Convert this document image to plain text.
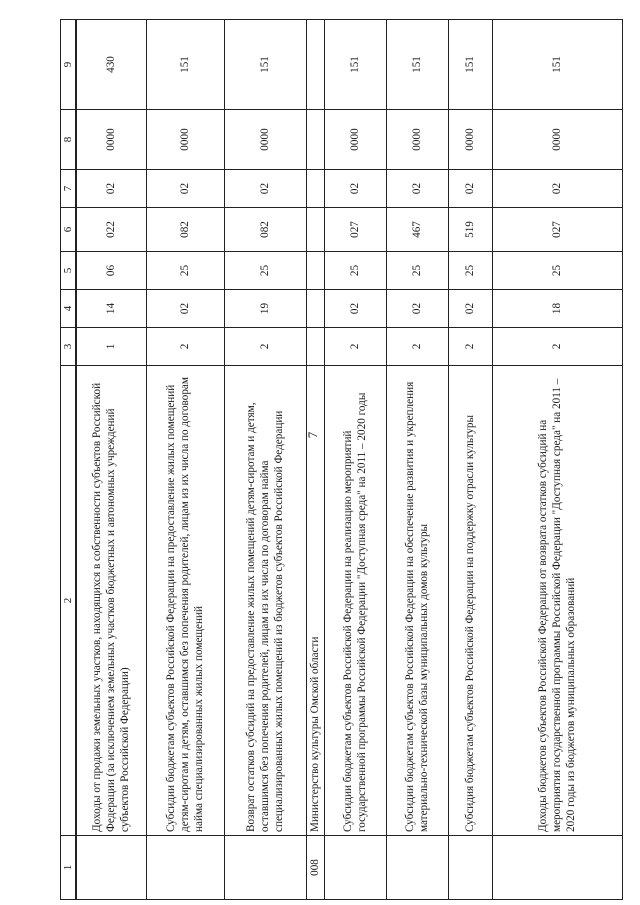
7
1	2	3	4	5	6	7	8	9
	Доходы от продажи земельных участков, находящихся в собственности субъектов Российской Федерации (за исключением земельных участков бюджетных и автономных учреждений субъектов Российской Федерации)	1	14	06	022	02	0000	430
	Субсидии бюджетам субъектов Российской Федерации на предоставление жилых помещений детям-сиротам и детям, оставшимся без попечения родителей, лицам из их числа по договорам найма специализированных жилых помещений	2	02	25	082	02	0000	151
	Возврат остатков субсидий на предоставление жилых помещений детям-сиротам и детям, оставшимся без попечения родителей, лицам из их числа по договорам найма специализированных жилых помещений из бюджетов субъектов Российской Федерации	2	19	25	082	02	0000	151
008	Министерство культуры Омской области							
	Субсидии бюджетам субъектов Российской Федерации на реализацию мероприятий государственной программы Российской Федерации "Доступная среда" на 2011 – 2020 годы	2	02	25	027	02	0000	151
	Субсидии бюджетам субъектов Российской Федерации на обеспечение развития и укрепления материально-технической базы муниципальных домов культуры	2	02	25	467	02	0000	151
	Субсидия бюджетам субъектов Российской Федерации на поддержку отрасли культуры	2	02	25	519	02	0000	151
	Доходы бюджетов субъектов Российской Федерации от возврата остатков субсидий на мероприятия государственной программы Российской Федерации "Доступная среда" на 2011 – 2020 годы из бюджетов муниципальных образований	2	18	25	027	02	0000	151
